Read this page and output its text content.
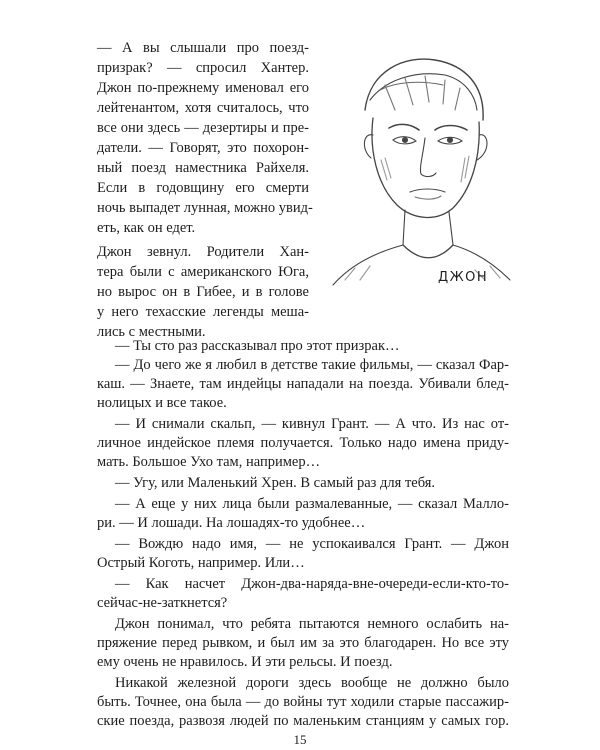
— А вы слышали про поезд-
призрак? — спросил Хантер.
Джон по-прежнему именовал его
лейтенантом, хотя считалось, что
все они здесь — дезертиры и пре-
датели. — Говорят, это похорон-
ный поезд наместника Райхеля.
Если в годовщину его смерти
ночь выпадет лунная, можно увид-
еть, как он едет.
Джон зевнул. Родители Хан-
тера были с американского Юга,
но вырос он в Гибее, и в голове
у него техасские легенды меша-
лись с местными.
ДЖОН
15
— Ты сто раз рассказывал про этот призрак…
— До чего же я любил в детстве такие фильмы, — сказал Фар-
каш. — Знаете, там индейцы нападали на поезда. Убивали блед-
нолицых и все такое.
— И снимали скальп, — кивнул Грант. — А что. Из нас от-
личное индейское племя получается. Только надо имена приду-
мать. Большое Ухо там, например…
— Угу, или Маленький Хрен. В самый раз для тебя.
— А еще у них лица были размалеванные, — сказал Малло-
ри. — И лошади. На лошадях-то удобнее…
— Вождю надо имя, — не успокаивался Грант. — Джон
Острый Коготь, например. Или…
— Как насчет Джон-два-наряда-вне-очереди-если-кто-то-
сейчас-не-заткнется?
Джон понимал, что ребята пытаются немного ослабить на-
пряжение перед рывком, и был им за это благодарен. Но все эту
ему очень не нравилось. И эти рельсы. И поезд.
Никакой железной дороги здесь вообще не должно было
быть. Точнее, она была — до войны тут ходили старые пассажир-
ские поезда, развозя людей по маленьким станциям у самых гор.
